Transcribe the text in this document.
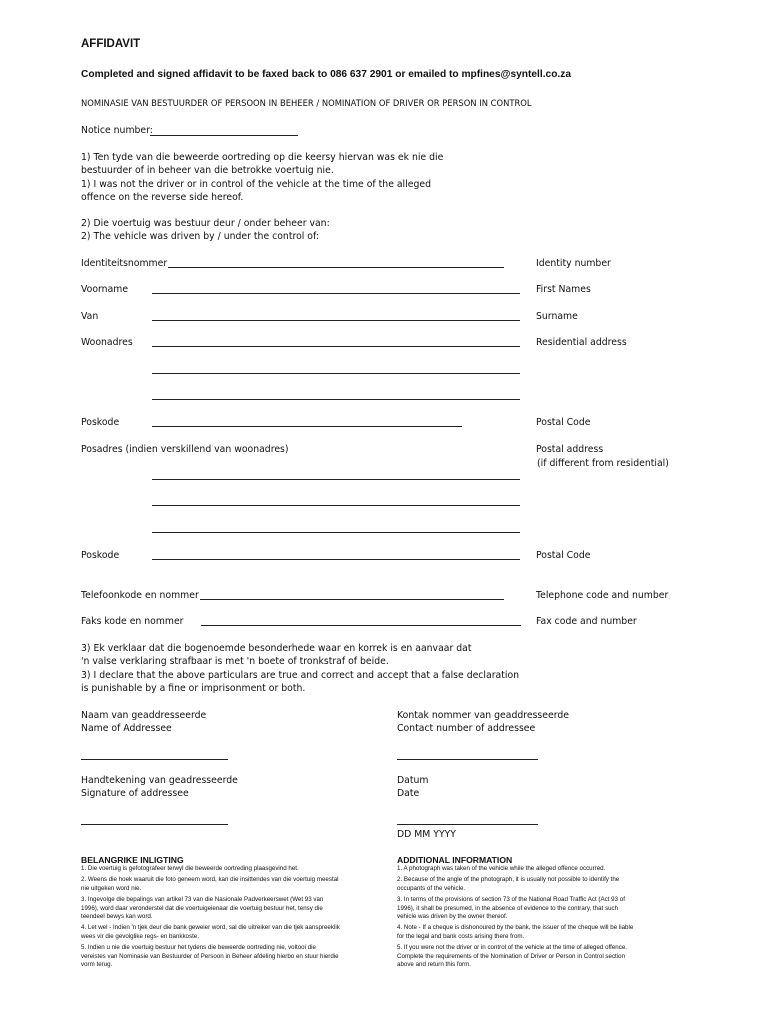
AFFIDAVIT
Completed and signed affidavit to be faxed back to 086 637 2901 or emailed to mpfines@syntell.co.za
NOMINASIE VAN BESTUURDER OF PERSOON IN BEHEER / NOMINATION OF DRIVER OR PERSON IN CONTROL
Notice number:
1) Ten tyde van die beweerde oortreding op die keersy hiervan was ek nie die
bestuurder of in beheer van die betrokke voertuig nie.
1) I was not the driver or in control of the vehicle at the time of the alleged
offence on the reverse side hereof.
2) Die voertuig was bestuur deur / onder beheer van:
2) The vehicle was driven by / under the control of:
Identiteitsnommer	Identity number
Voorname	First Names
Van	Surname
Woonadres	Residential address
Poskode	Postal Code
Posadres (indien verskillend van woonadres)	Postal address
(if different from residential)
Poskode	Postal Code
Telefoonkode en nommer	Telephone code and number
Faks kode en nommer	Fax code and number
3) Ek verklaar dat die bogenoemde besonderhede waar en korrek is en aanvaar dat
'n valse verklaring strafbaar is met 'n boete of tronkstraf of beide.
3) I declare that the above particulars are true and correct and accept that a false declaration
is punishable by a fine or imprisonment or both.
Naam van geaddresseerde
Name of Addressee
Kontak nommer van geaddresseerde
Contact number of addressee
Handtekening van geadresseerde
Signature of addressee
Datum
Date
DD MM YYYY
BELANGRIKE INLIGTING
1. Die voertuig is gefotografeer terwyl die beweerde oortreding plaasgevind het.
2. Weens die hoek waaruit die foto geneem word, kan die insittendes van die voertuig meestal nie uitgeken word nie.
3. Ingevolge die bepalings van artikel 73 van die Nasionale Padverkeerswet (Wet 93 van 1996), word daar veronderstel dat die voertuigeienaar die voertuig bestuur het, tensy die teendeel bewys kan word.
4. Let wel - Indien 'n tjek deur die bank geweier word, sal die uitreiker van die tjek aanspreeklik wees vir die gevolglike regs- en bankkoste.
5. Indien u nie die voertuig bestuur het tydens die beweerde oortreding nie, voltooi die vereistes van Nominasie van Bestuurder of Persoon in Beheer afdeling hierbo en stuur hierdie vorm terug.
ADDITIONAL INFORMATION
1. A photograph was taken of the vehicle while the alleged offence occurred.
2. Because of the angle of the photograph, it is usually not possible to identify the occupants of the vehicle.
3. In terms of the provisions of section 73 of the National Road Traffic Act (Act 93 of 1996), it shall be presumed, in the absence of evidence to the contrary, that such vehicle was driven by the owner thereof.
4. Note - If a cheque is dishonoured by the bank, the issuer of the cheque will be liable for the legal and bank costs arising there from.
5. If you were not the driver or in control of the vehicle at the time of alleged offence. Complete the requirements of the Nomination of Driver or Person in Control section above and return this form.
